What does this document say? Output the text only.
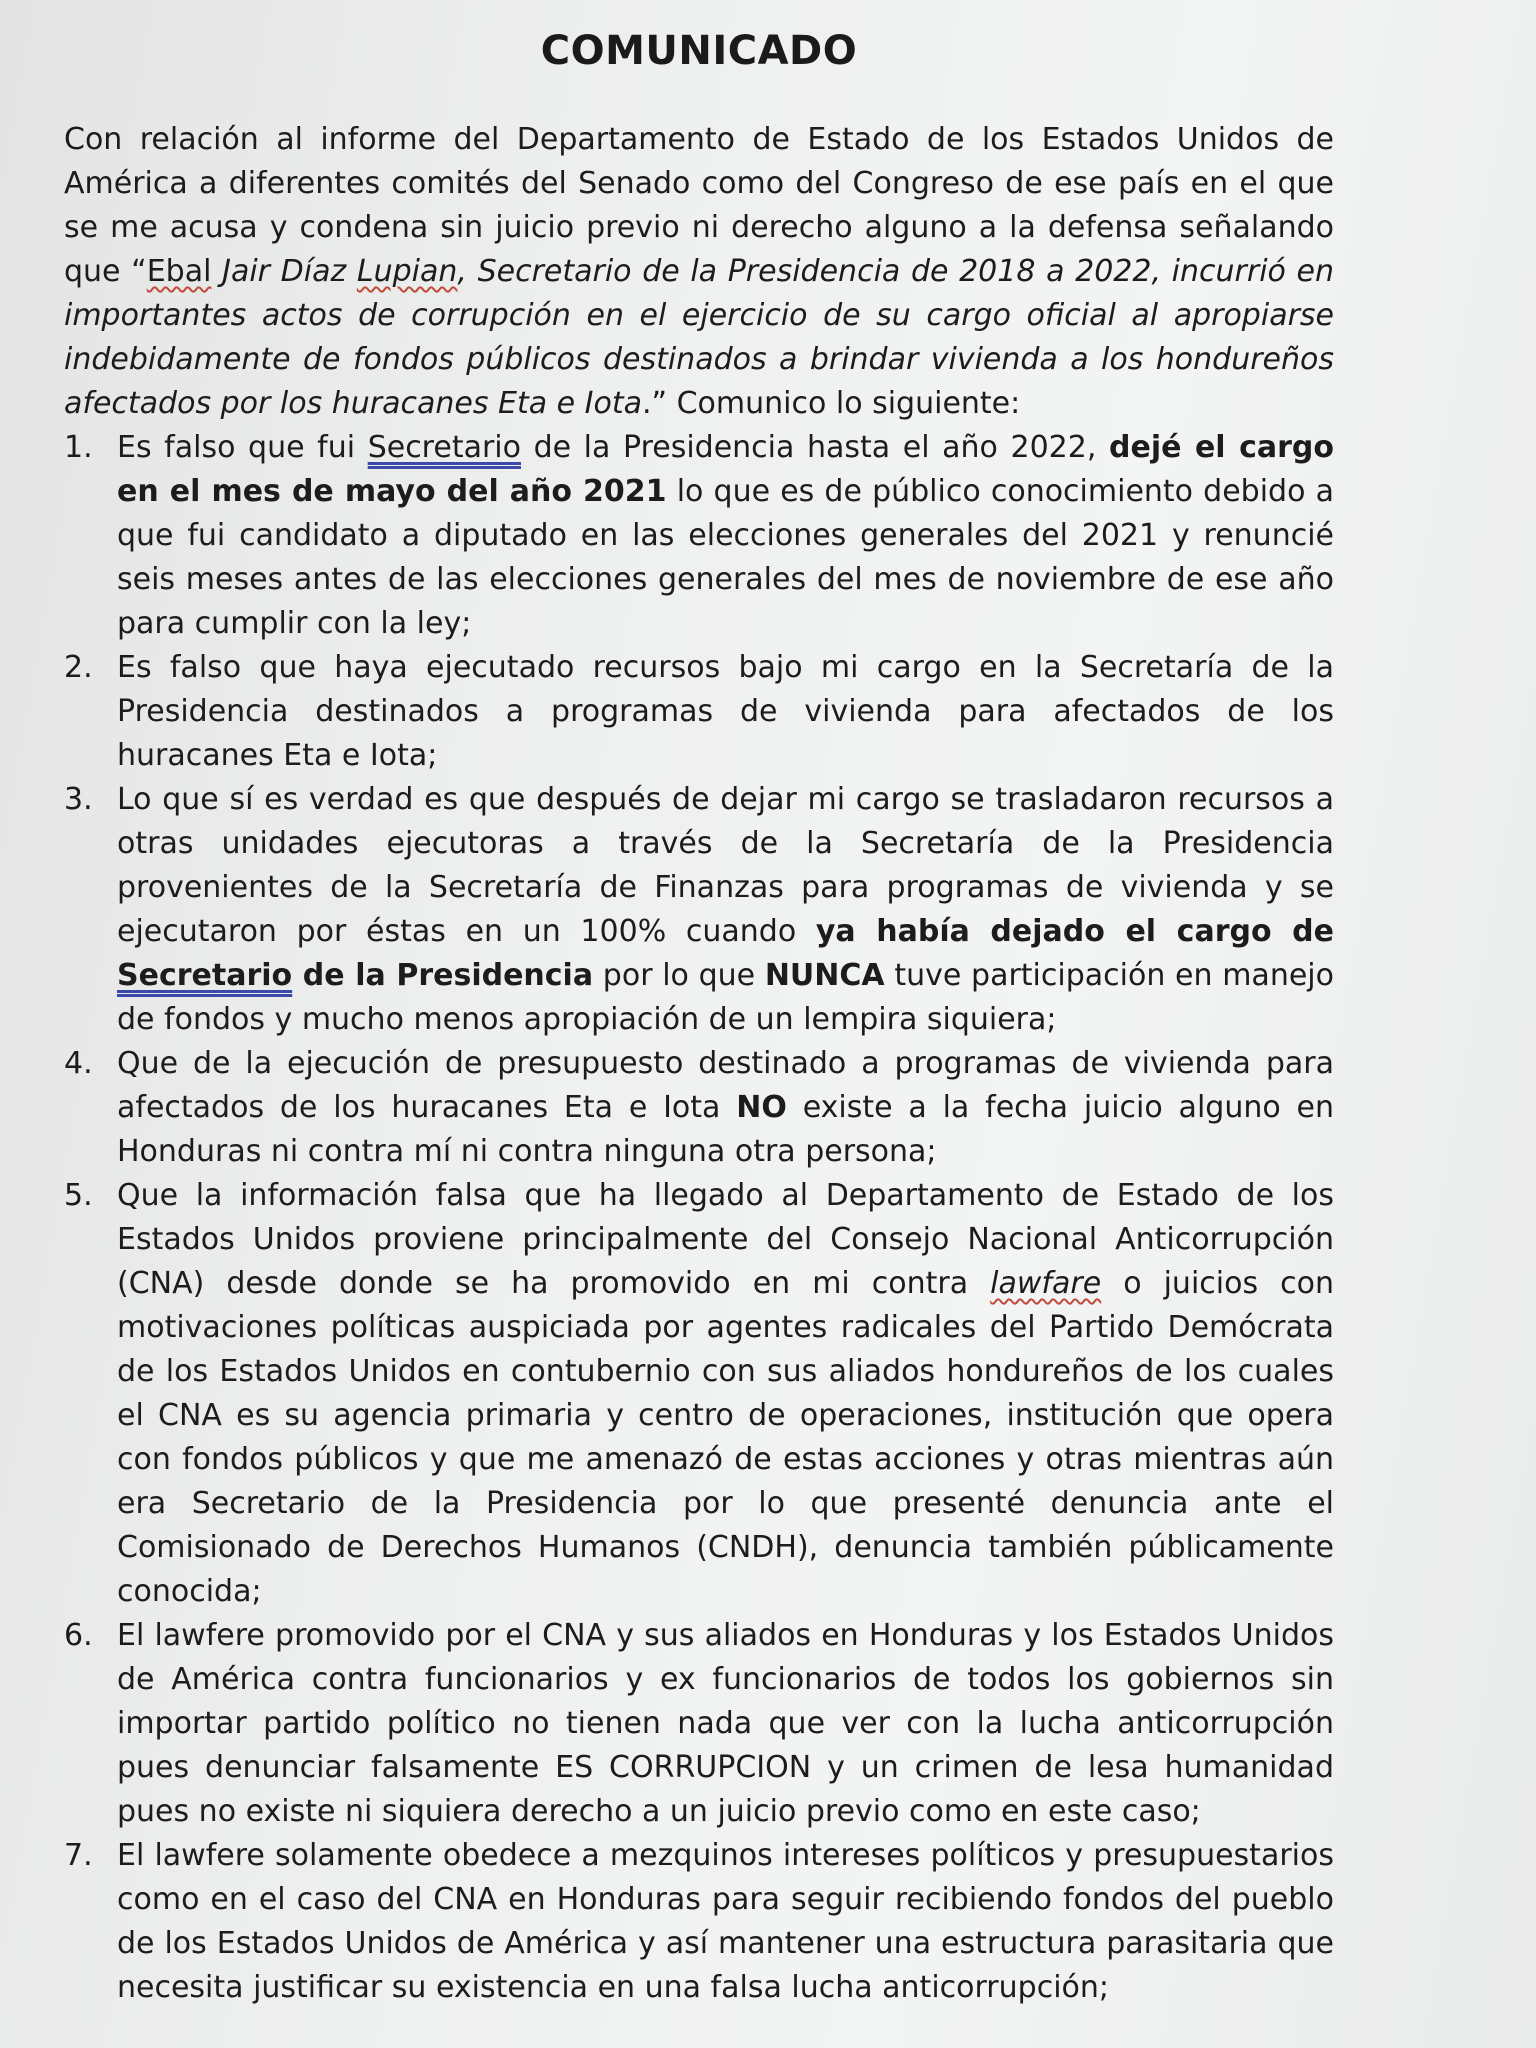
COMUNICADO

Con relación al informe del Departamento de Estado de los Estados Unidos de América a diferentes comités del Senado como del Congreso de ese país en el que se me acusa y condena sin juicio previo ni derecho alguno a la defensa señalando que “Ebal Jair Díaz Lupian, Secretario de la Presidencia de 2018 a 2022, incurrió en importantes actos de corrupción en el ejercicio de su cargo oficial al apropiarse indebidamente de fondos públicos destinados a brindar vivienda a los hondureños afectados por los huracanes Eta e Iota.” Comunico lo siguiente:

1. Es falso que fui Secretario de la Presidencia hasta el año 2022, dejé el cargo en el mes de mayo del año 2021 lo que es de público conocimiento debido a que fui candidato a diputado en las elecciones generales del 2021 y renuncié seis meses antes de las elecciones generales del mes de noviembre de ese año para cumplir con la ley;
2. Es falso que haya ejecutado recursos bajo mi cargo en la Secretaría de la Presidencia destinados a programas de vivienda para afectados de los huracanes Eta e Iota;
3. Lo que sí es verdad es que después de dejar mi cargo se trasladaron recursos a otras unidades ejecutoras a través de la Secretaría de la Presidencia provenientes de la Secretaría de Finanzas para programas de vivienda y se ejecutaron por éstas en un 100% cuando ya había dejado el cargo de Secretario de la Presidencia por lo que NUNCA tuve participación en manejo de fondos y mucho menos apropiación de un lempira siquiera;
4. Que de la ejecución de presupuesto destinado a programas de vivienda para afectados de los huracanes Eta e Iota NO existe a la fecha juicio alguno en Honduras ni contra mí ni contra ninguna otra persona;
5. Que la información falsa que ha llegado al Departamento de Estado de los Estados Unidos proviene principalmente del Consejo Nacional Anticorrupción (CNA) desde donde se ha promovido en mi contra lawfare o juicios con motivaciones políticas auspiciada por agentes radicales del Partido Demócrata de los Estados Unidos en contubernio con sus aliados hondureños de los cuales el CNA es su agencia primaria y centro de operaciones, institución que opera con fondos públicos y que me amenazó de estas acciones y otras mientras aún era Secretario de la Presidencia por lo que presenté denuncia ante el Comisionado de Derechos Humanos (CNDH), denuncia también públicamente conocida;
6. El lawfere promovido por el CNA y sus aliados en Honduras y los Estados Unidos de América contra funcionarios y ex funcionarios de todos los gobiernos sin importar partido político no tienen nada que ver con la lucha anticorrupción pues denunciar falsamente ES CORRUPCION y un crimen de lesa humanidad pues no existe ni siquiera derecho a un juicio previo como en este caso;
7. El lawfere solamente obedece a mezquinos intereses políticos y presupuestarios como en el caso del CNA en Honduras para seguir recibiendo fondos del pueblo de los Estados Unidos de América y así mantener una estructura parasitaria que necesita justificar su existencia en una falsa lucha anticorrupción;
